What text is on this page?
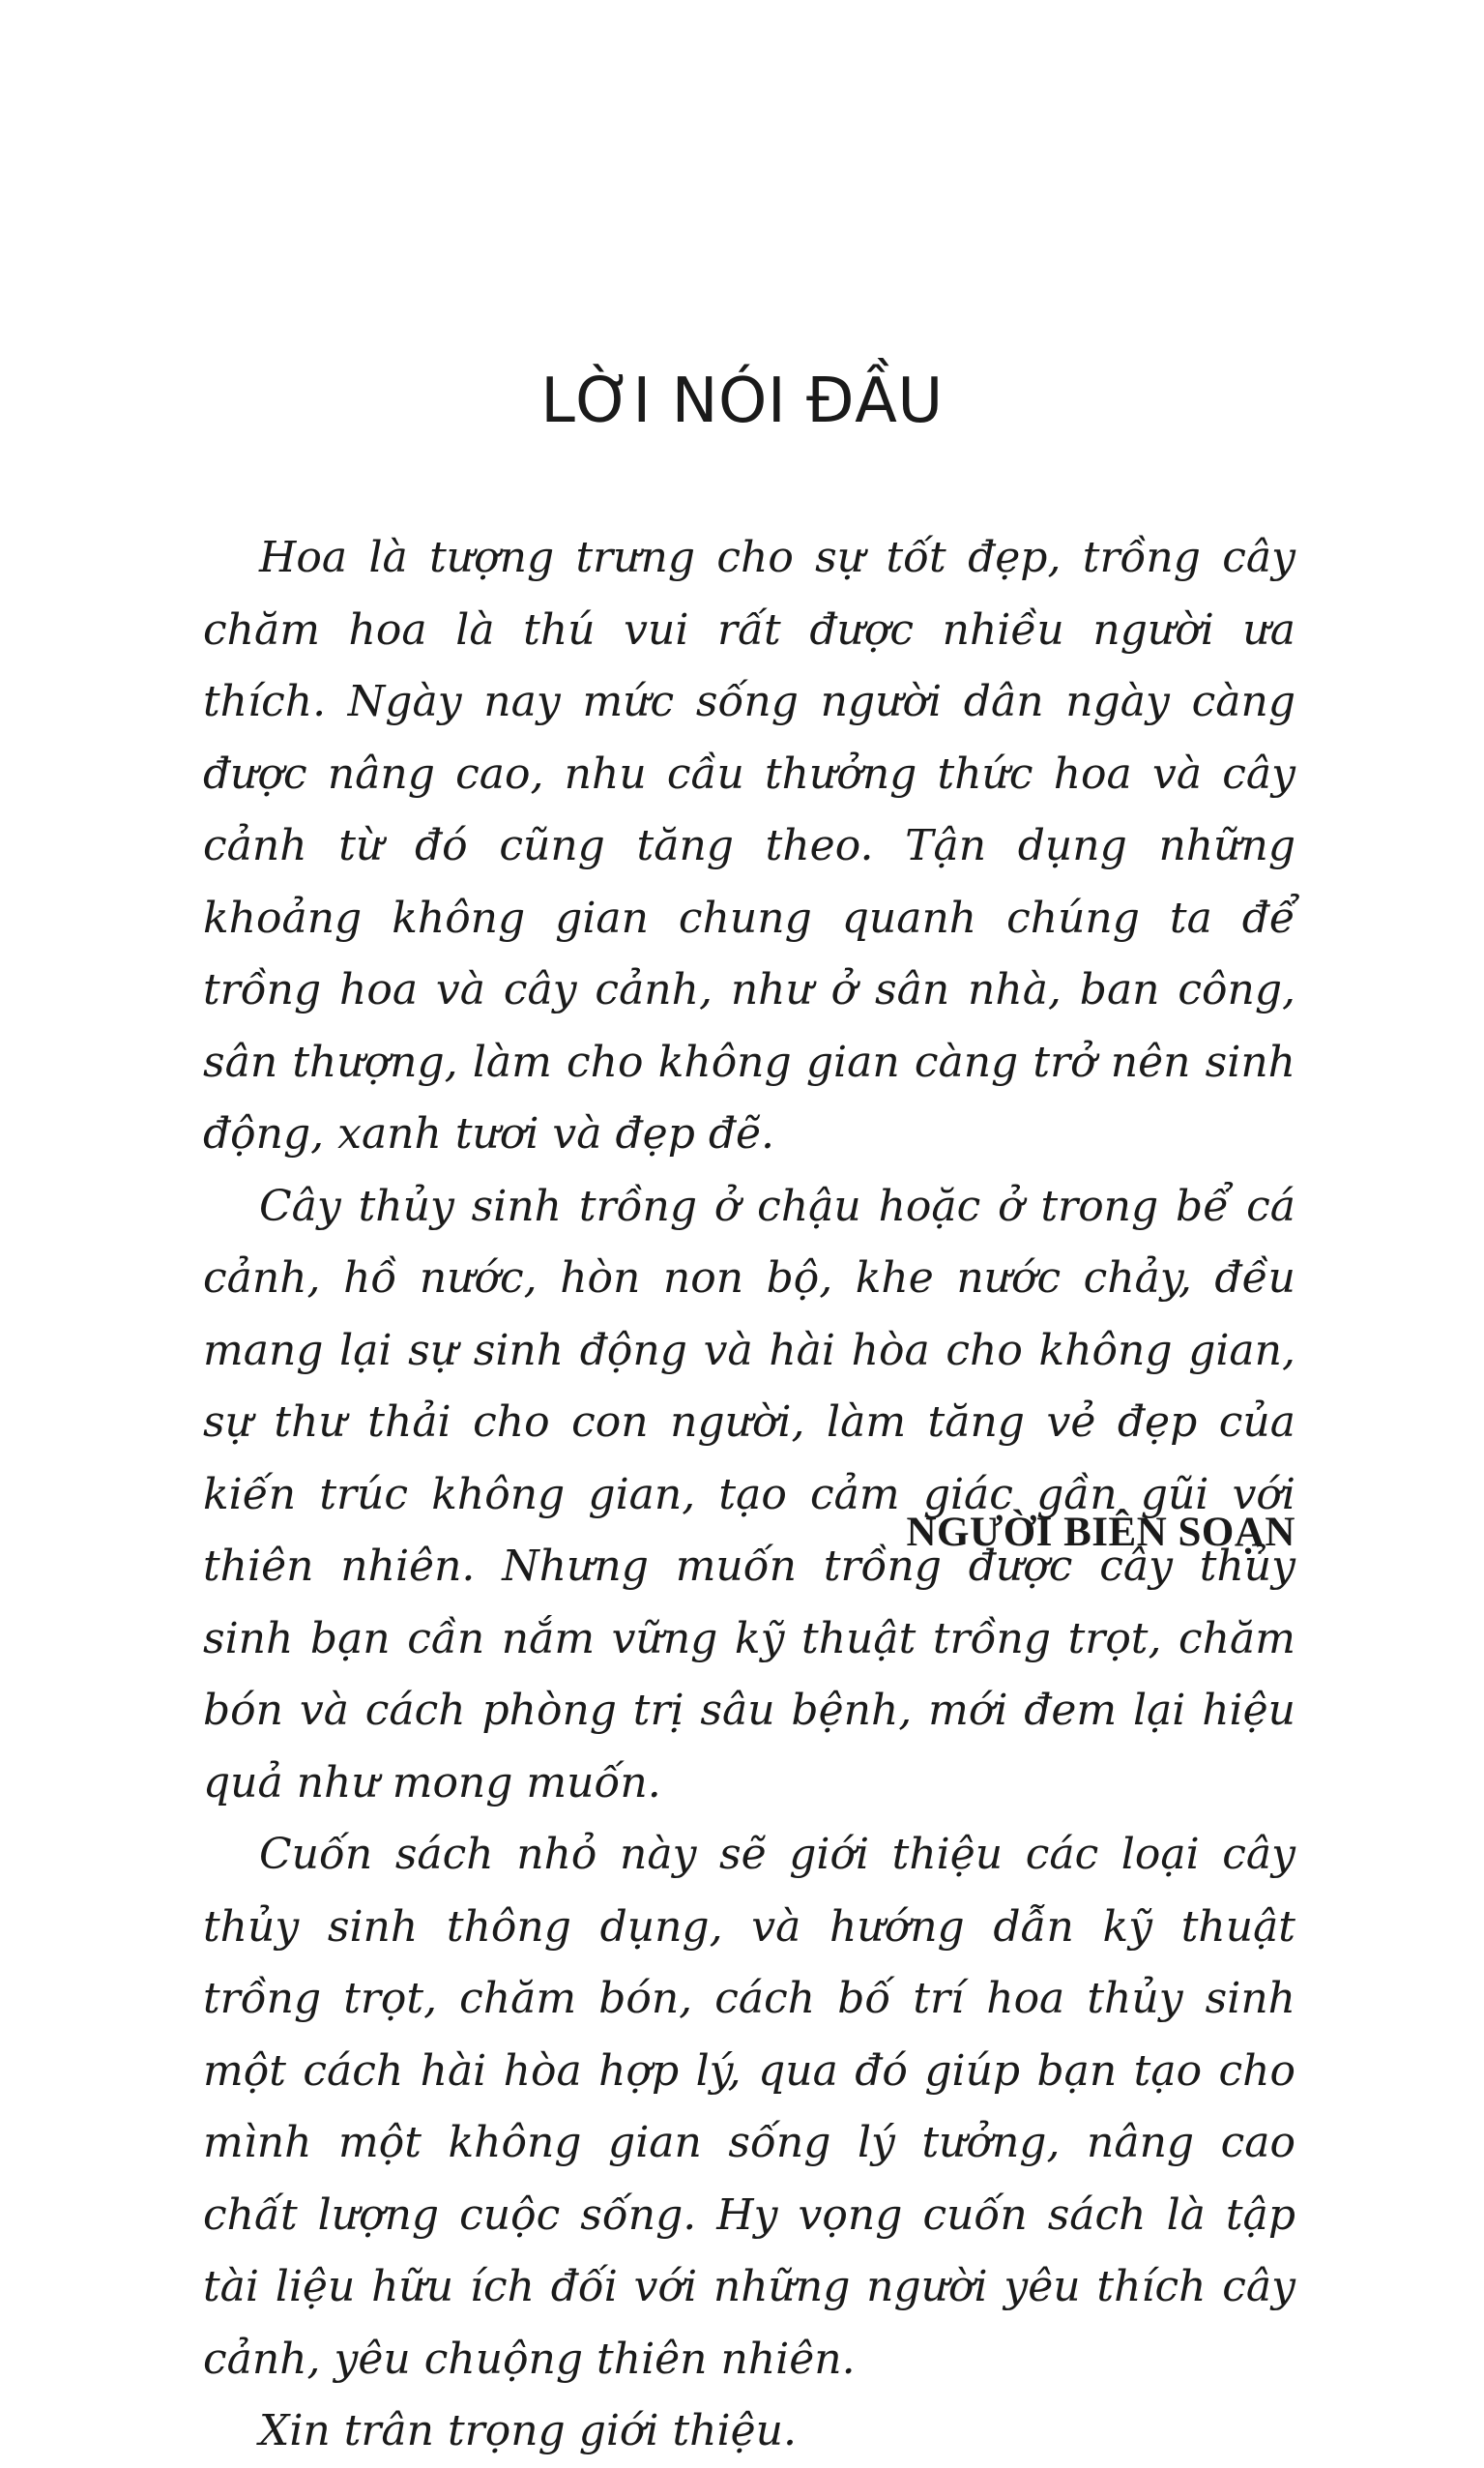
LỜI NÓI ĐẦU

Hoa là tượng trưng cho sự tốt đẹp, trồng cây chăm hoa là thú vui rất được nhiều người ưa thích. Ngày nay mức sống người dân ngày càng được nâng cao, nhu cầu thưởng thức hoa và cây cảnh từ đó cũng tăng theo. Tận dụng những khoảng không gian chung quanh chúng ta để trồng hoa và cây cảnh, như ở sân nhà, ban công, sân thượng, làm cho không gian càng trở nên sinh động, xanh tươi và đẹp đẽ.

Cây thủy sinh trồng ở chậu hoặc ở trong bể cá cảnh, hồ nước, hòn non bộ, khe nước chảy, đều mang lại sự sinh động và hài hòa cho không gian, sự thư thải cho con người, làm tăng vẻ đẹp của kiến trúc không gian, tạo cảm giác gần gũi với thiên nhiên. Nhưng muốn trồng được cây thủy sinh bạn cần nắm vững kỹ thuật trồng trọt, chăm bón và cách phòng trị sâu bệnh, mới đem lại hiệu quả như mong muốn.

Cuốn sách nhỏ này sẽ giới thiệu các loại cây thủy sinh thông dụng, và hướng dẫn kỹ thuật trồng trọt, chăm bón, cách bố trí hoa thủy sinh một cách hài hòa hợp lý, qua đó giúp bạn tạo cho mình một không gian sống lý tưởng, nâng cao chất lượng cuộc sống. Hy vọng cuốn sách là tập tài liệu hữu ích đối với những người yêu thích cây cảnh, yêu chuộng thiên nhiên.

Xin trân trọng giới thiệu.

NGƯỜI BIÊN SOẠN
